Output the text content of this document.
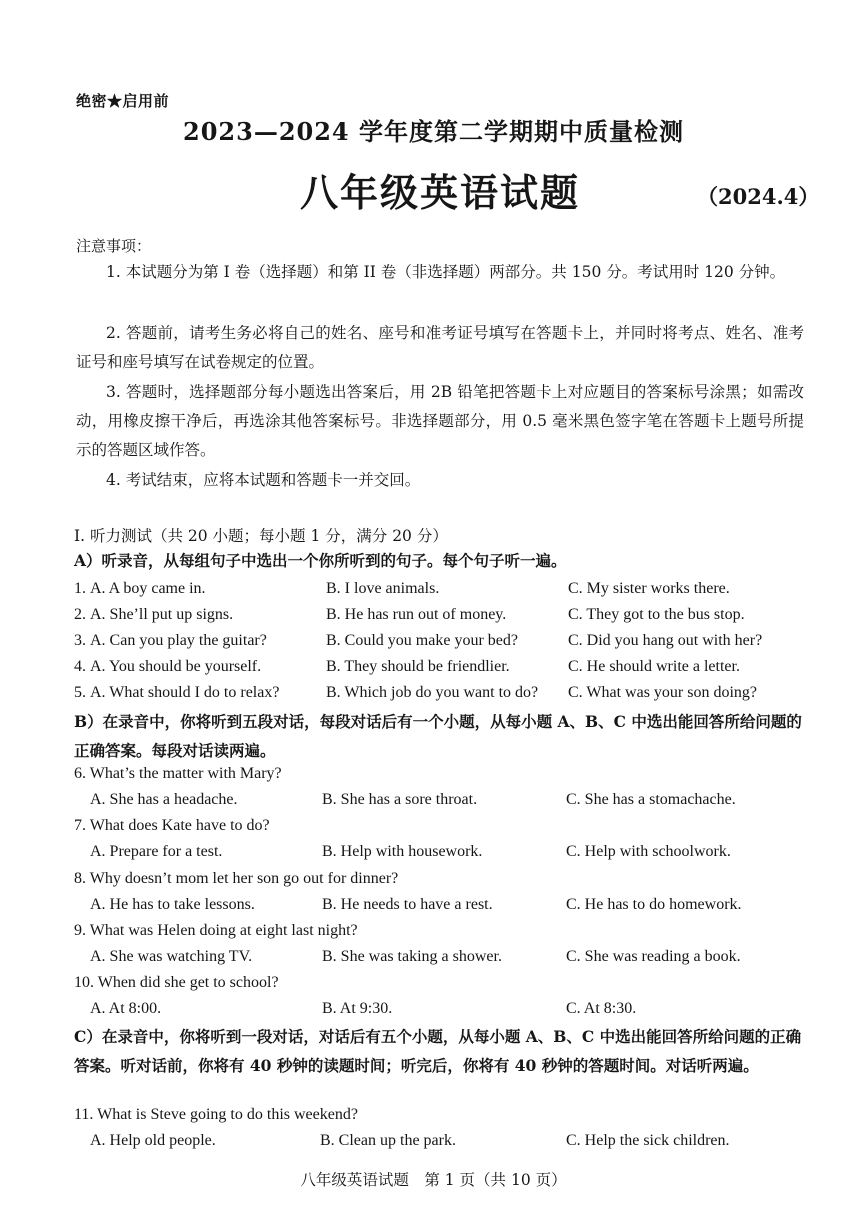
绝密★启用前
2023—2024 学年度第二学期期中质量检测
八年级英语试题	（2024.4）
注意事项：
1. 本试题分为第 I 卷（选择题）和第 II 卷（非选择题）两部分。共 150 分。考试用时 120 分钟。
2. 答题前，请考生务必将自己的姓名、座号和准考证号填写在答题卡上，并同时将考点、姓名、准考证号和座号填写在试卷规定的位置。
3. 答题时，选择题部分每小题选出答案后，用 2B 铅笔把答题卡上对应题目的答案标号涂黑；如需改动，用橡皮擦干净后，再选涂其他答案标号。非选择题部分，用 0.5 毫米黑色签字笔在答题卡上题号所提示的答题区域作答。
4. 考试结束，应将本试题和答题卡一并交回。
Ⅰ. 听力测试（共 20 小题；每小题 1 分，满分 20 分）
A）听录音，从每组句子中选出一个你所听到的句子。每个句子听一遍。
1. A. A boy came in.	B. I love animals.	C. My sister works there.
2. A. She’ll put up signs.	B. He has run out of money.	C. They got to the bus stop.
3. A. Can you play the guitar?	B. Could you make your bed?	C. Did you hang out with her?
4. A. You should be yourself.	B. They should be friendlier.	C. He should write a letter.
5. A. What should I do to relax?	B. Which job do you want to do? C. What was your son doing?
B）在录音中，你将听到五段对话，每段对话后有一个小题，从每小题 A、B、C 中选出能回答所给问题的正确答案。每段对话读两遍。
6. What’s the matter with Mary?
A. She has a headache.	B. She has a sore throat.	C. She has a stomachache.
7. What does Kate have to do?
A. Prepare for a test.	B. Help with housework.	C. Help with schoolwork.
8. Why doesn’t mom let her son go out for dinner?
A. He has to take lessons.	B. He needs to have a rest.	C. He has to do homework.
9. What was Helen doing at eight last night?
A. She was watching TV.	B. She was taking a shower.	C. She was reading a book.
10. When did she get to school?
A. At 8:00.	B. At 9:30.	C. At 8:30.
C）在录音中，你将听到一段对话，对话后有五个小题，从每小题 A、B、C 中选出能回答所给问题的正确答案。听对话前，你将有 40 秒钟的读题时间；听完后，你将有 40 秒钟的答题时间。对话听两遍。
11. What is Steve going to do this weekend?
A. Help old people.	B. Clean up the park.	C. Help the sick children.
八年级英语试题　第 1 页（共 10 页）
